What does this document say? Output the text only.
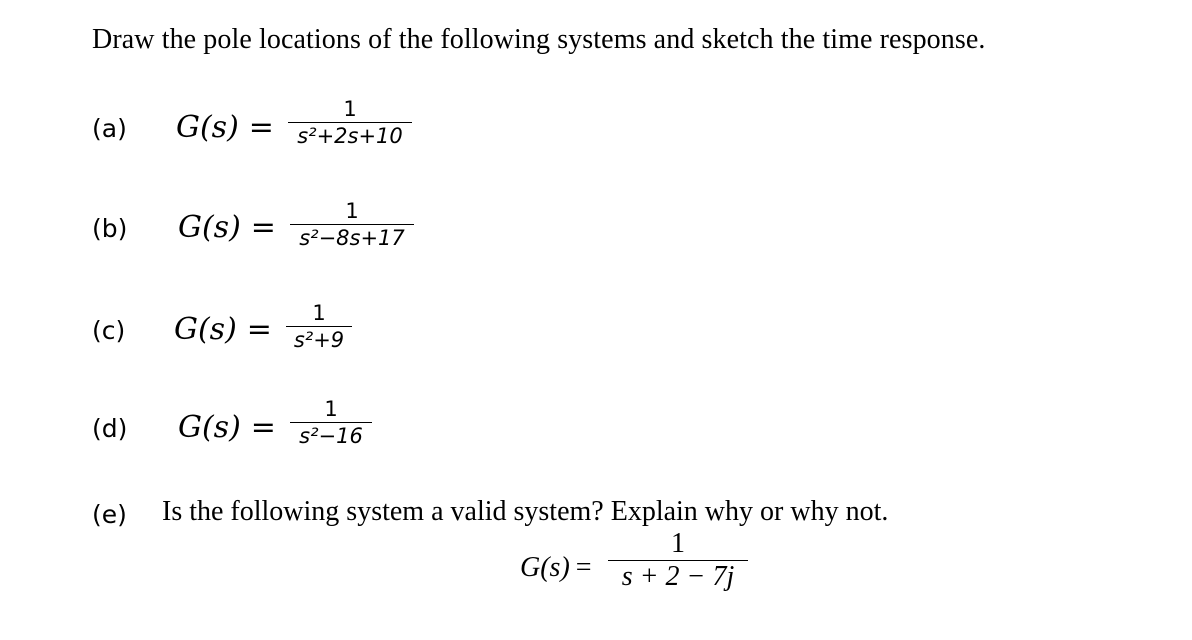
Draw the pole locations of the following systems and sketch the time response.
(a) G(s) =
1
s²+2s+10
(b) G(s) =	1
s²−8s+17
(c) G(s) =	1
s²+9
(d) G(s) =
1
s²−16
(e) Is the following system a valid system? Explain why or why not.
G(s) =
1
s + 2 − 7j
